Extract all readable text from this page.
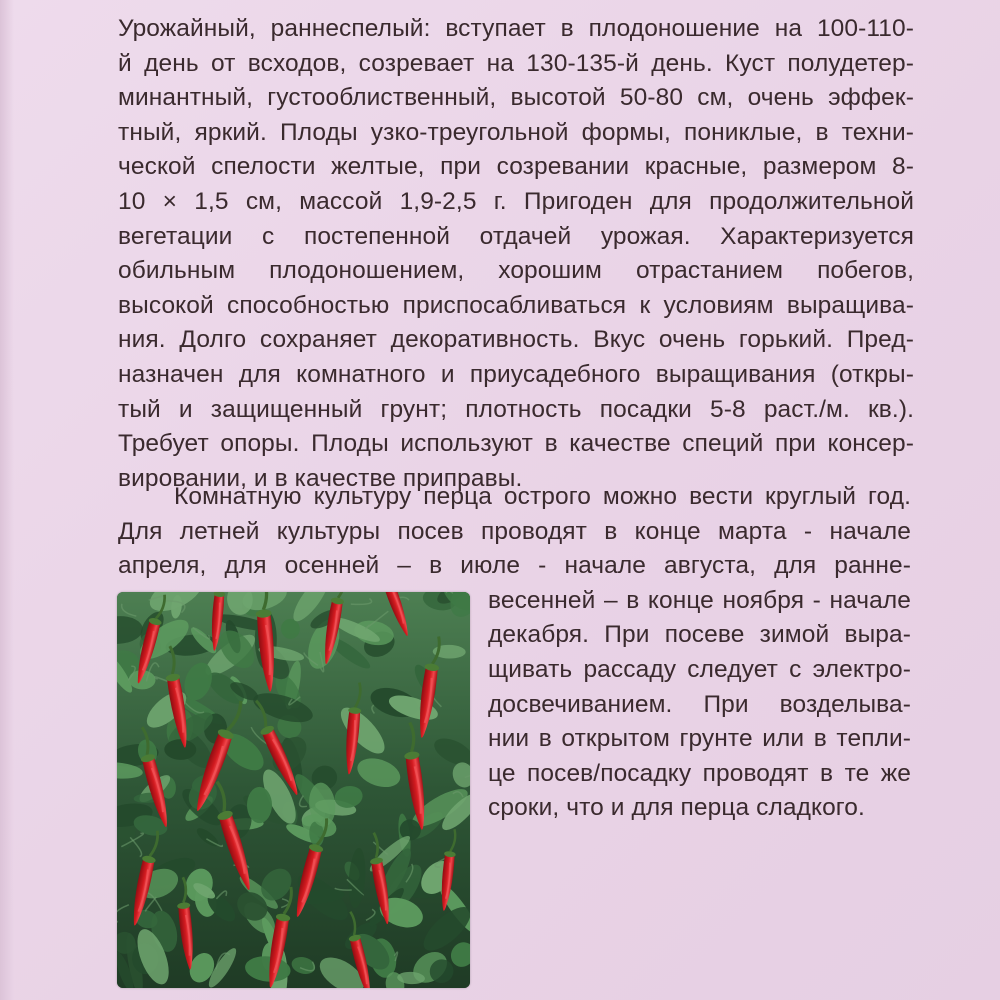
Урожайный, раннеспелый: вступает в плодоношение на 100-110-
й день от всходов, созревает на 130-135-й день. Куст полудетер-
минантный, густооблиственный, высотой 50-80 см, очень эффек-
тный, яркий. Плоды узко-треугольной формы, пониклые, в техни-
ческой спелости желтые, при созревании красные, размером 8-
10 × 1,5 см, массой 1,9-2,5 г. Пригоден для продолжительной
вегетации с постепенной отдачей урожая. Характеризуется
обильным плодоношением, хорошим отрастанием побегов,
высокой способностью приспосабливаться к условиям выращива-
ния. Долго сохраняет декоративность. Вкус очень горький. Пред-
назначен для комнатного и приусадебного выращивания (откры-
тый и защищенный грунт; плотность посадки 5-8 раст./м. кв.).
Требует опоры. Плоды используют в качестве специй при консер-
вировании, и в качестве приправы.
Комнатную культуру перца острого можно вести круглый год.
Для летней культуры посев проводят в конце марта - начале
апреля, для осенней – в июле - начале августа, для ранне-
весенней – в конце ноября - начале
декабря. При посеве зимой выра-
щивать рассаду следует с электро-
досвечиванием. При возделыва-
нии в открытом грунте или в тепли-
це посев/посадку проводят в те же
сроки, что и для перца сладкого.
